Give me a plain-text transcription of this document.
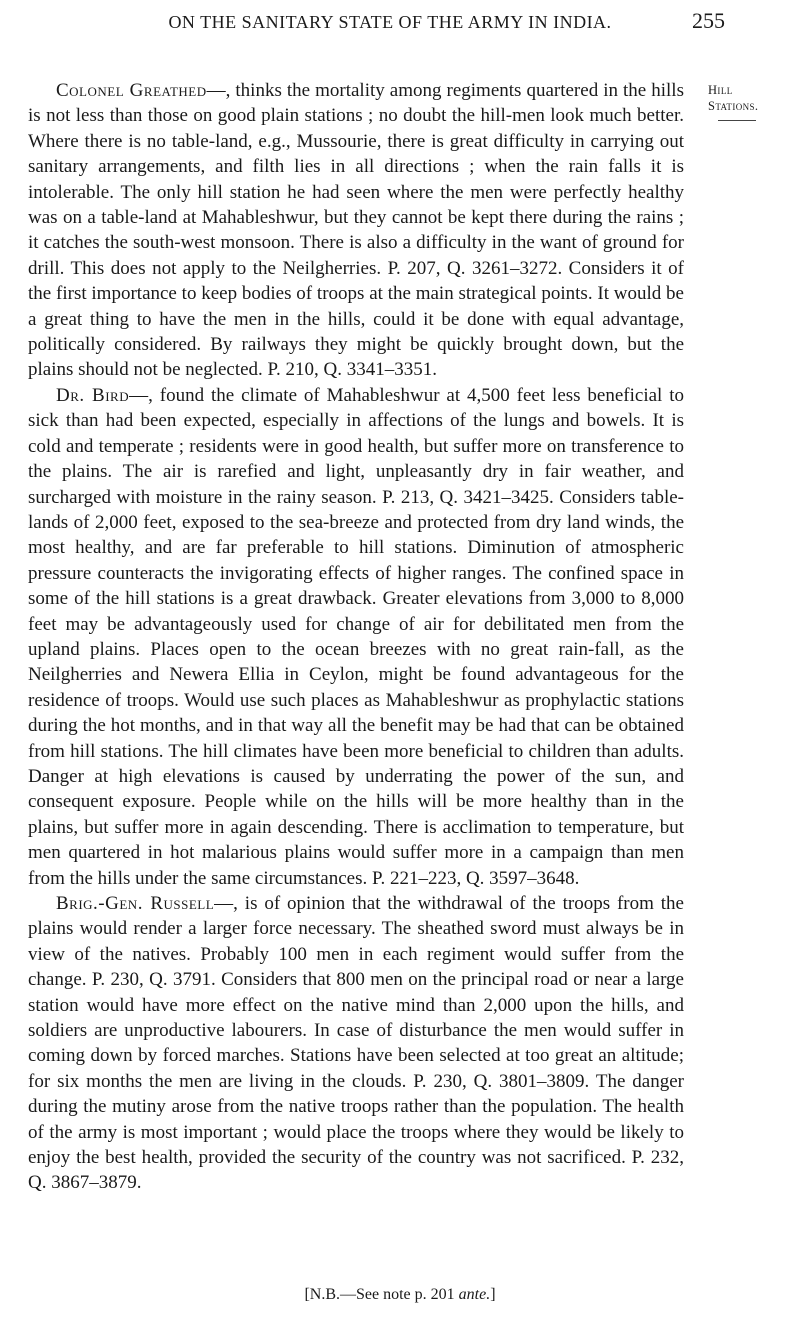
ON THE SANITARY STATE OF THE ARMY IN INDIA.	255
Hill
Stations.

Colonel Greathed—, thinks the mortality among regiments quartered in the hills is not less than those on good plain stations ; no doubt the hill-men look much better. Where there is no table-land, e.g., Mussourie, there is great difficulty in carrying out sanitary arrangements, and filth lies in all directions ; when the rain falls it is intolerable. The only hill station he had seen where the men were perfectly healthy was on a table-land at Mahableshwur, but they cannot be kept there during the rains ; it catches the south-west monsoon. There is also a difficulty in the want of ground for drill. This does not apply to the Neilgherries. P. 207, Q. 3261–3272. Considers it of the first importance to keep bodies of troops at the main strategical points. It would be a great thing to have the men in the hills, could it be done with equal advantage, politically considered. By railways they might be quickly brought down, but the plains should not be neglected. P. 210, Q. 3341–3351.

Dr. Bird—, found the climate of Mahableshwur at 4,500 feet less beneficial to sick than had been expected, especially in affections of the lungs and bowels. It is cold and temperate ; residents were in good health, but suffer more on transference to the plains. The air is rarefied and light, unpleasantly dry in fair weather, and surcharged with moisture in the rainy season. P. 213, Q. 3421–3425. Considers table-lands of 2,000 feet, exposed to the sea-breeze and protected from dry land winds, the most healthy, and are far preferable to hill stations. Diminution of atmospheric pressure counteracts the invigorating effects of higher ranges. The confined space in some of the hill stations is a great drawback. Greater elevations from 3,000 to 8,000 feet may be advantageously used for change of air for debilitated men from the upland plains. Places open to the ocean breezes with no great rain-fall, as the Neilgherries and Newera Ellia in Ceylon, might be found advantageous for the residence of troops. Would use such places as Mahableshwur as prophylactic stations during the hot months, and in that way all the benefit may be had that can be obtained from hill stations. The hill climates have been more beneficial to children than adults. Danger at high elevations is caused by underrating the power of the sun, and consequent exposure. People while on the hills will be more healthy than in the plains, but suffer more in again descending. There is acclimation to temperature, but men quartered in hot malarious plains would suffer more in a campaign than men from the hills under the same circumstances. P. 221–223, Q. 3597–3648.

Brig.-Gen. Russell—, is of opinion that the withdrawal of the troops from the plains would render a larger force necessary. The sheathed sword must always be in view of the natives. Probably 100 men in each regiment would suffer from the change. P. 230, Q. 3791. Considers that 800 men on the principal road or near a large station would have more effect on the native mind than 2,000 upon the hills, and soldiers are unproductive labourers. In case of disturbance the men would suffer in coming down by forced marches. Stations have been selected at too great an altitude; for six months the men are living in the clouds. P. 230, Q. 3801–3809. The danger during the mutiny arose from the native troops rather than the population. The health of the army is most important ; would place the troops where they would be likely to enjoy the best health, provided the security of the country was not sacrificed. P. 232, Q. 3867–3879.

[N.B.—See note p. 201 ante.]
